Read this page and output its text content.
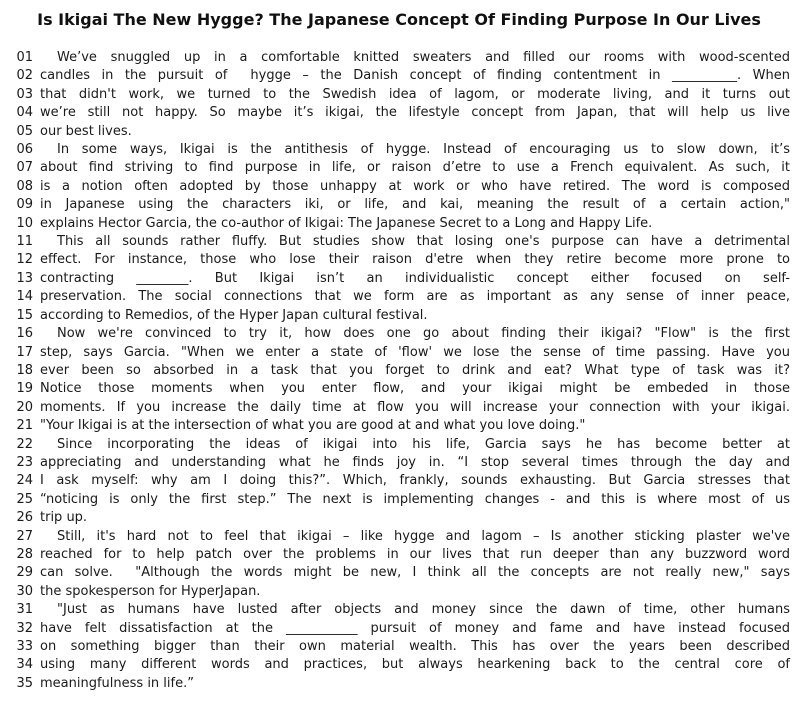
Is Ikigai The New Hygge? The Japanese Concept Of Finding Purpose In Our Lives
01	We’ve snuggled up in a comfortable knitted sweaters and filled our rooms with wood-scented
02 candles in the pursuit of  hygge – the Danish concept of finding contentment in __________. When
03 that didn't work, we turned to the Swedish idea of lagom, or moderate living, and it turns out
04 we’re still not happy. So maybe it’s ikigai, the lifestyle concept from Japan, that will help us live
05 our best lives.
06	In some ways, Ikigai is the antithesis of hygge. Instead of encouraging us to slow down, it’s
07 about find striving to find purpose in life, or raison d’etre to use a French equivalent. As such, it
08 is a notion often adopted by those unhappy at work or who have retired. The word is composed
09 in Japanese using the characters iki, or life, and kai, meaning the result of a certain action,"
10 explains Hector Garcia, the co-author of Ikigai: The Japanese Secret to a Long and Happy Life.
11	This all sounds rather fluffy. But studies show that losing one's purpose can have a detrimental
12 effect. For instance, those who lose their raison d'etre when they retire become more prone to
13 contracting ________. But Ikigai isn’t an individualistic concept either focused on self-
14 preservation. The social connections that we form are as important as any sense of inner peace,
15 according to Remedios, of the Hyper Japan cultural festival.
16	Now we're convinced to try it, how does one go about finding their ikigai? "Flow" is the first
17 step, says Garcia. "When we enter a state of 'flow' we lose the sense of time passing. Have you
18 ever been so absorbed in a task that you forget to drink and eat? What type of task was it?
19 Notice those moments when you enter flow, and your ikigai might be embeded in those
20 moments. If you increase the daily time at flow you will increase your connection with your ikigai.
21 "Your Ikigai is at the intersection of what you are good at and what you love doing."
22	Since incorporating the ideas of ikigai into his life, Garcia says he has become better at
23 appreciating and understanding what he finds joy in. “I stop several times through the day and
24 I ask myself: why am I doing this?”. Which, frankly, sounds exhausting. But Garcia stresses that
25 “noticing is only the first step.” The next is implementing changes - and this is where most of us
26 trip up.
27	Still, it's hard not to feel that ikigai – like hygge and lagom – Is another sticking plaster we've
28 reached for to help patch over the problems in our lives that run deeper than any buzzword word
29 can solve.  "Although the words might be new, I think all the concepts are not really new," says
30 the spokesperson for HyperJapan.
31	"Just as humans have lusted after objects and money since the dawn of time, other humans
32 have felt dissatisfaction at the ___________ pursuit of money and fame and have instead focused
33 on something bigger than their own material wealth. This has over the years been described
34 using many different words and practices, but always hearkening back to the central core of
35 meaningfulness in life.”
